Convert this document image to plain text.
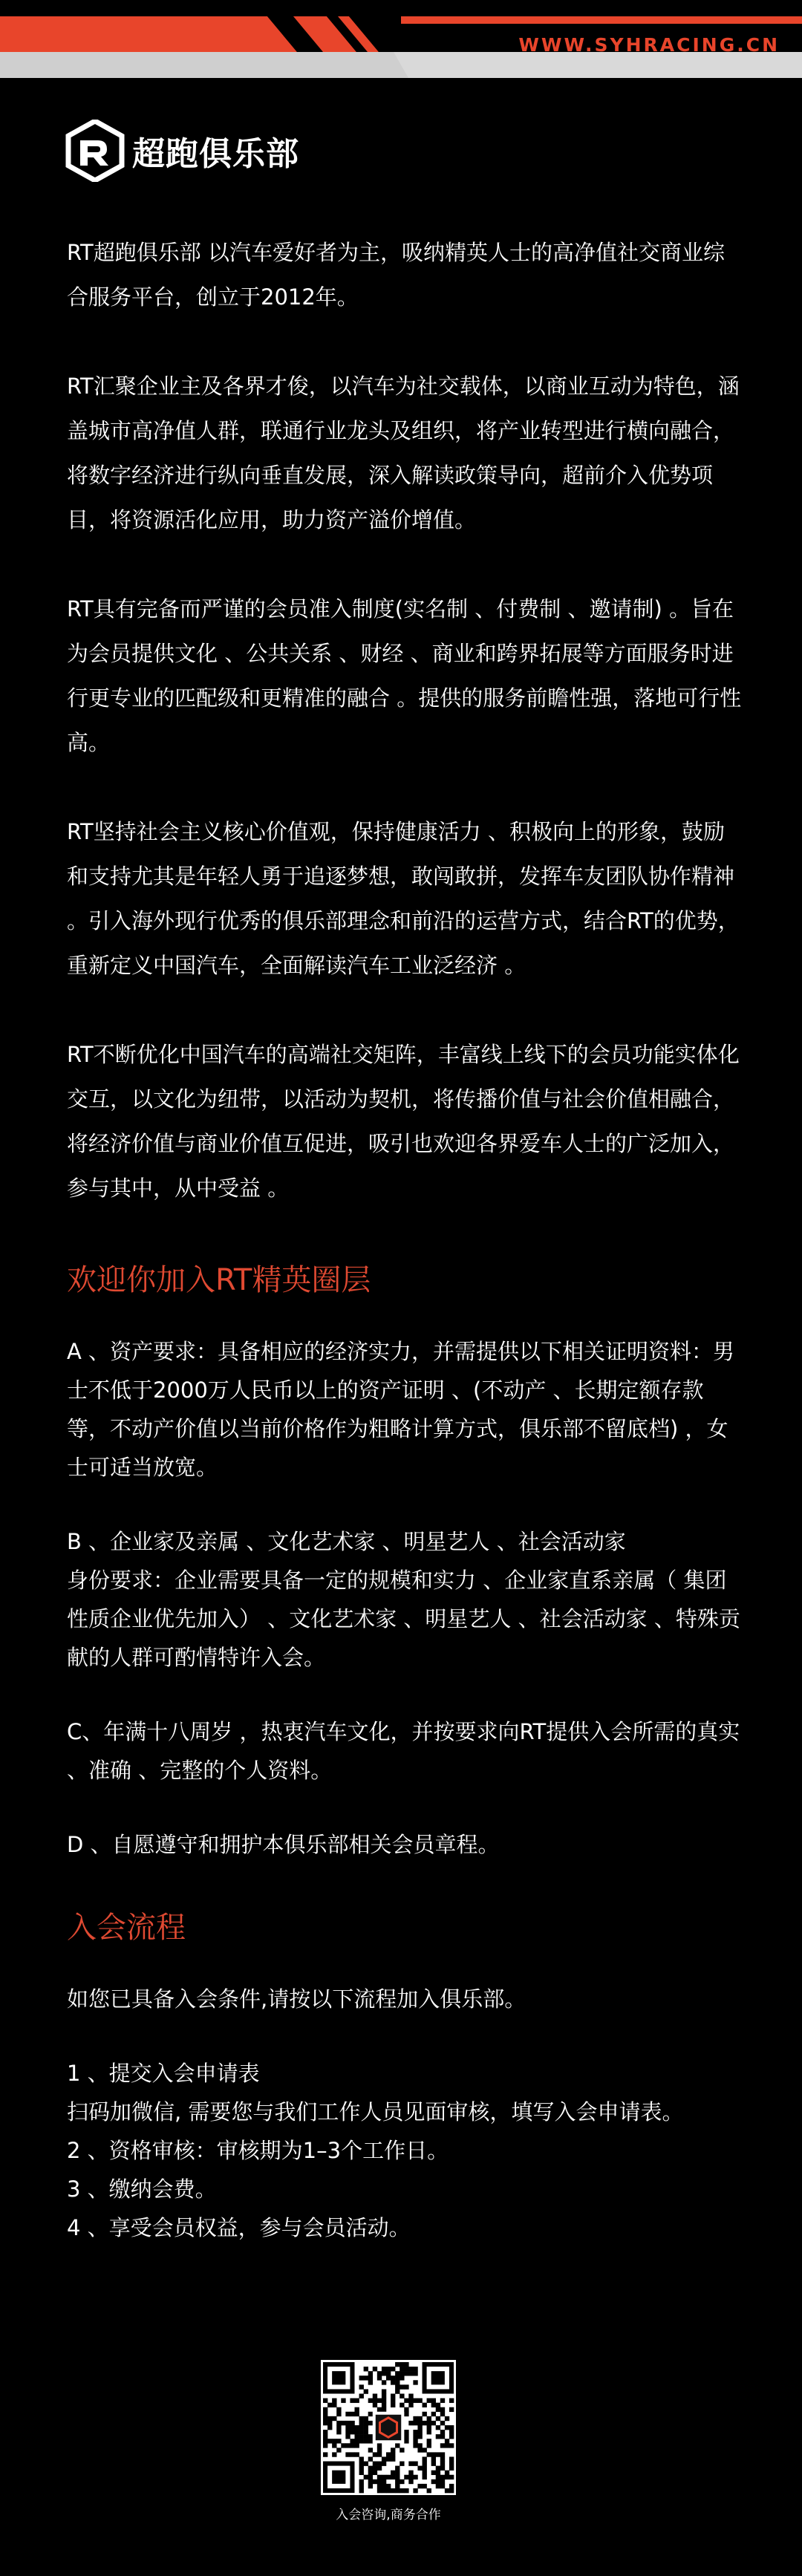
WWW.SYHRACING.CN
超跑俱乐部

RT超跑俱乐部 以汽车爱好者为主，吸纳精英人士的高净值社交商业综合服务平台，创立于2012年。

RT汇聚企业主及各界才俊，以汽车为社交载体，以商业互动为特色，涵盖城市高净值人群，联通行业龙头及组织，将产业转型进行横向融合，将数字经济进行纵向垂直发展，深入解读政策导向，超前介入优势项目，将资源活化应用，助力资产溢价增值。

RT具有完备而严谨的会员准入制度(实名制 、付费制 、邀请制) 。旨在为会员提供文化 、公共关系 、财经 、商业和跨界拓展等方面服务时进行更专业的匹配级和更精准的融合 。提供的服务前瞻性强，落地可行性高。

RT坚持社会主义核心价值观，保持健康活力 、积极向上的形象，鼓励和支持尤其是年轻人勇于追逐梦想，敢闯敢拼，发挥车友团队协作精神 。引入海外现行优秀的俱乐部理念和前沿的运营方式，结合RT的优势，重新定义中国汽车，全面解读汽车工业泛经济 。

RT不断优化中国汽车的高端社交矩阵，丰富线上线下的会员功能实体化交互，以文化为纽带，以活动为契机，将传播价值与社会价值相融合，将经济价值与商业价值互促进，吸引也欢迎各界爱车人士的广泛加入，参与其中，从中受益 。

欢迎你加入RT精英圈层

A 、资产要求：具备相应的经济实力，并需提供以下相关证明资料：男士不低于2000万人民币以上的资产证明 、(不动产 、长期定额存款等，不动产价值以当前价格作为粗略计算方式，俱乐部不留底档) ，女士可适当放宽。

B 、企业家及亲属 、文化艺术家 、明星艺人 、社会活动家

身份要求：企业需要具备一定的规模和实力 、企业家直系亲属（ 集团性质企业优先加入） 、文化艺术家 、明星艺人 、社会活动家 、特殊贡献的人群可酌情特许入会。

C、年满十八周岁 ，热衷汽车文化，并按要求向RT提供入会所需的真实 、准确 、完整的个人资料。

D 、自愿遵守和拥护本俱乐部相关会员章程。

入会流程

如您已具备入会条件,请按以下流程加入俱乐部。

1 、提交入会申请表

扫码加微信, 需要您与我们工作人员见面审核，填写入会申请表。

2 、资格审核：审核期为1–3个工作日。

3 、缴纳会费。

4 、享受会员权益，参与会员活动。

入会咨询,商务合作
